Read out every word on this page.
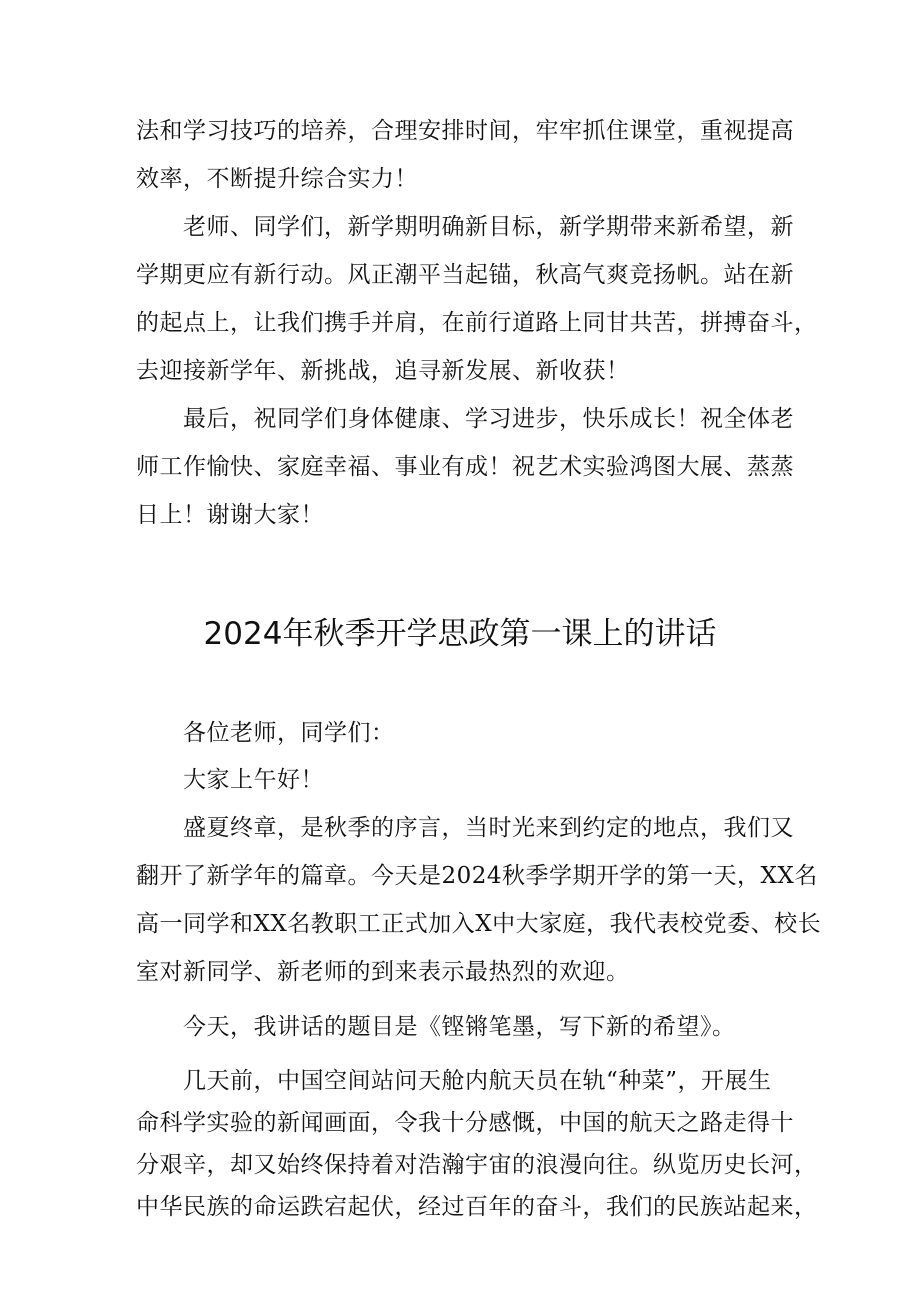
法和学习技巧的培养，合理安排时间，牢牢抓住课堂，重视提高
效率，不断提升综合实力！
　　老师、同学们，新学期明确新目标，新学期带来新希望，新
学期更应有新行动。风正潮平当起锚，秋高气爽竞扬帆。站在新
的起点上，让我们携手并肩，在前行道路上同甘共苦，拼搏奋斗，
去迎接新学年、新挑战，追寻新发展、新收获！
　　最后，祝同学们身体健康、学习进步，快乐成长！祝全体老
师工作愉快、家庭幸福、事业有成！祝艺术实验鸿图大展、蒸蒸
日上！谢谢大家！
2024年秋季开学思政第一课上的讲话
　　各位老师，同学们：
　　大家上午好！
　　盛夏终章，是秋季的序言，当时光来到约定的地点，我们又
翻开了新学年的篇章。今天是2024秋季学期开学的第一天，XX名
高一同学和XX名教职工正式加入X中大家庭，我代表校党委、校长
室对新同学、新老师的到来表示最热烈的欢迎。
　　今天，我讲话的题目是《铿锵笔墨，写下新的希望》。
　　几天前，中国空间站问天舱内航天员在轨“种菜”，开展生
命科学实验的新闻画面，令我十分感慨，中国的航天之路走得十
分艰辛，却又始终保持着对浩瀚宇宙的浪漫向往。纵览历史长河，
中华民族的命运跌宕起伏，经过百年的奋斗，我们的民族站起来，
